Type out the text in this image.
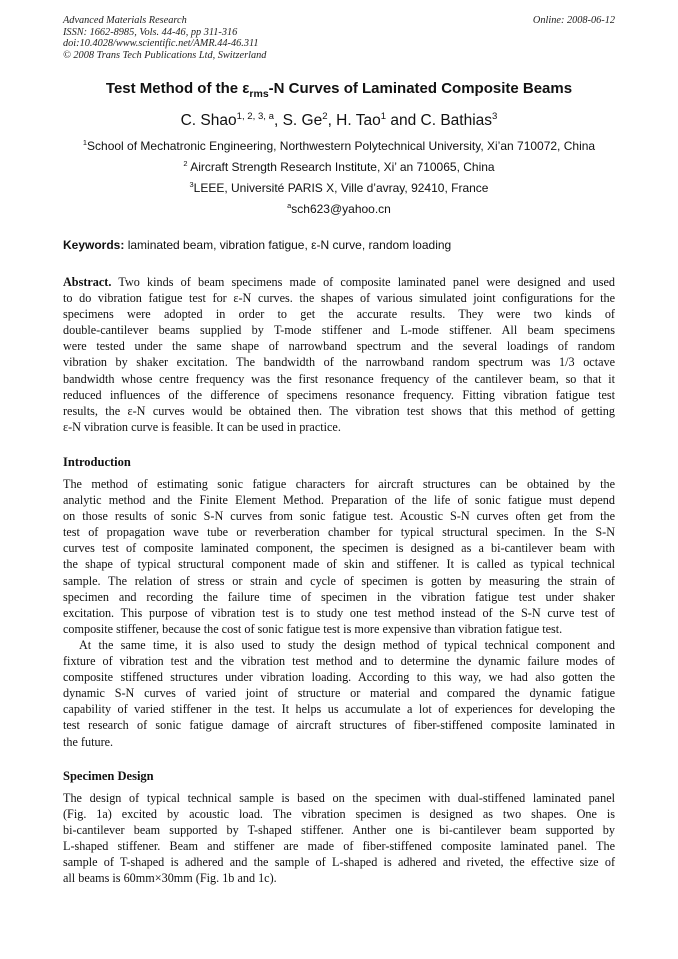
Advanced Materials Research
ISSN: 1662-8985, Vols. 44-46, pp 311-316
doi:10.4028/www.scientific.net/AMR.44-46.311
© 2008 Trans Tech Publications Ltd, Switzerland
Online: 2008-06-12
Test Method of the $\varepsilon_{rms}-N$ Curves of Laminated Composite Beams
C. Shao$^{1, 2, 3, a}$, S. Ge$^2$, H. Tao$^1$ and C. Bathias$^3$
$^1$School of Mechatronic Engineering, Northwestern Polytechnical University, Xi’an 710072, China
$^2$ Aircraft Strength Research Institute, Xi’ an 710065, China
$^3$LEEE, Université PARIS X, Ville d’avray, 92410, France
$^a$sch623@yahoo.cn
Keywords: laminated beam, vibration fatigue, ε-N curve, random loading
Abstract. Two kinds of beam specimens made of composite laminated panel were designed and used
to do vibration fatigue test for ε-N curves. the shapes of various simulated joint configurations for the
specimens were adopted in order to get the accurate results. They were two kinds of
double-cantilever beams supplied by T-mode stiffener and L-mode stiffener. All beam specimens
were tested under the same shape of narrowband spectrum and the several loadings of random
vibration by shaker excitation. The bandwidth of the narrowband random spectrum was 1/3 octave
bandwidth whose centre frequency was the first resonance frequency of the cantilever beam, so that it
reduced influences of the difference of specimens resonance frequency. Fitting vibration fatigue test
results, the ε-N curves would be obtained then. The vibration test shows that this method of getting
ε-N vibration curve is feasible. It can be used in practice.
Introduction
The method of estimating sonic fatigue characters for aircraft structures can be obtained by the
analytic method and the Finite Element Method. Preparation of the life of sonic fatigue must depend
on those results of sonic S-N curves from sonic fatigue test. Acoustic S-N curves often get from the
test of propagation wave tube or reverberation chamber for typical structural specimen. In the S-N
curves test of composite laminated component, the specimen is designed as a bi-cantilever beam with
the shape of typical structural component made of skin and stiffener. It is called as typical technical
sample. The relation of stress or strain and cycle of specimen is gotten by measuring the strain of
specimen and recording the failure time of specimen in the vibration fatigue test under shaker
excitation. This purpose of vibration test is to study one test method instead of the S-N curve test of
composite stiffener, because the cost of sonic fatigue test is more expensive than vibration fatigue test.
At the same time, it is also used to study the design method of typical technical component and
fixture of vibration test and the vibration test method and to determine the dynamic failure modes of
composite stiffened structures under vibration loading. According to this way, we had also gotten the
dynamic S-N curves of varied joint of structure or material and compared the dynamic fatigue
capability of varied stiffener in the test. It helps us accumulate a lot of experiences for developing the
test research of sonic fatigue damage of aircraft structures of fiber-stiffened composite laminated in
the future.
Specimen Design
The design of typical technical sample is based on the specimen with dual-stiffened laminated panel
(Fig. 1a) excited by acoustic load. The vibration specimen is designed as two shapes. One is
bi-cantilever beam supported by T-shaped stiffener. Anther one is bi-cantilever beam supported by
L-shaped stiffener. Beam and stiffener are made of fiber-stiffened composite laminated panel. The
sample of T-shaped is adhered and the sample of L-shaped is adhered and riveted, the effective size of
all beams is 60mm×30mm (Fig. 1b and 1c).
